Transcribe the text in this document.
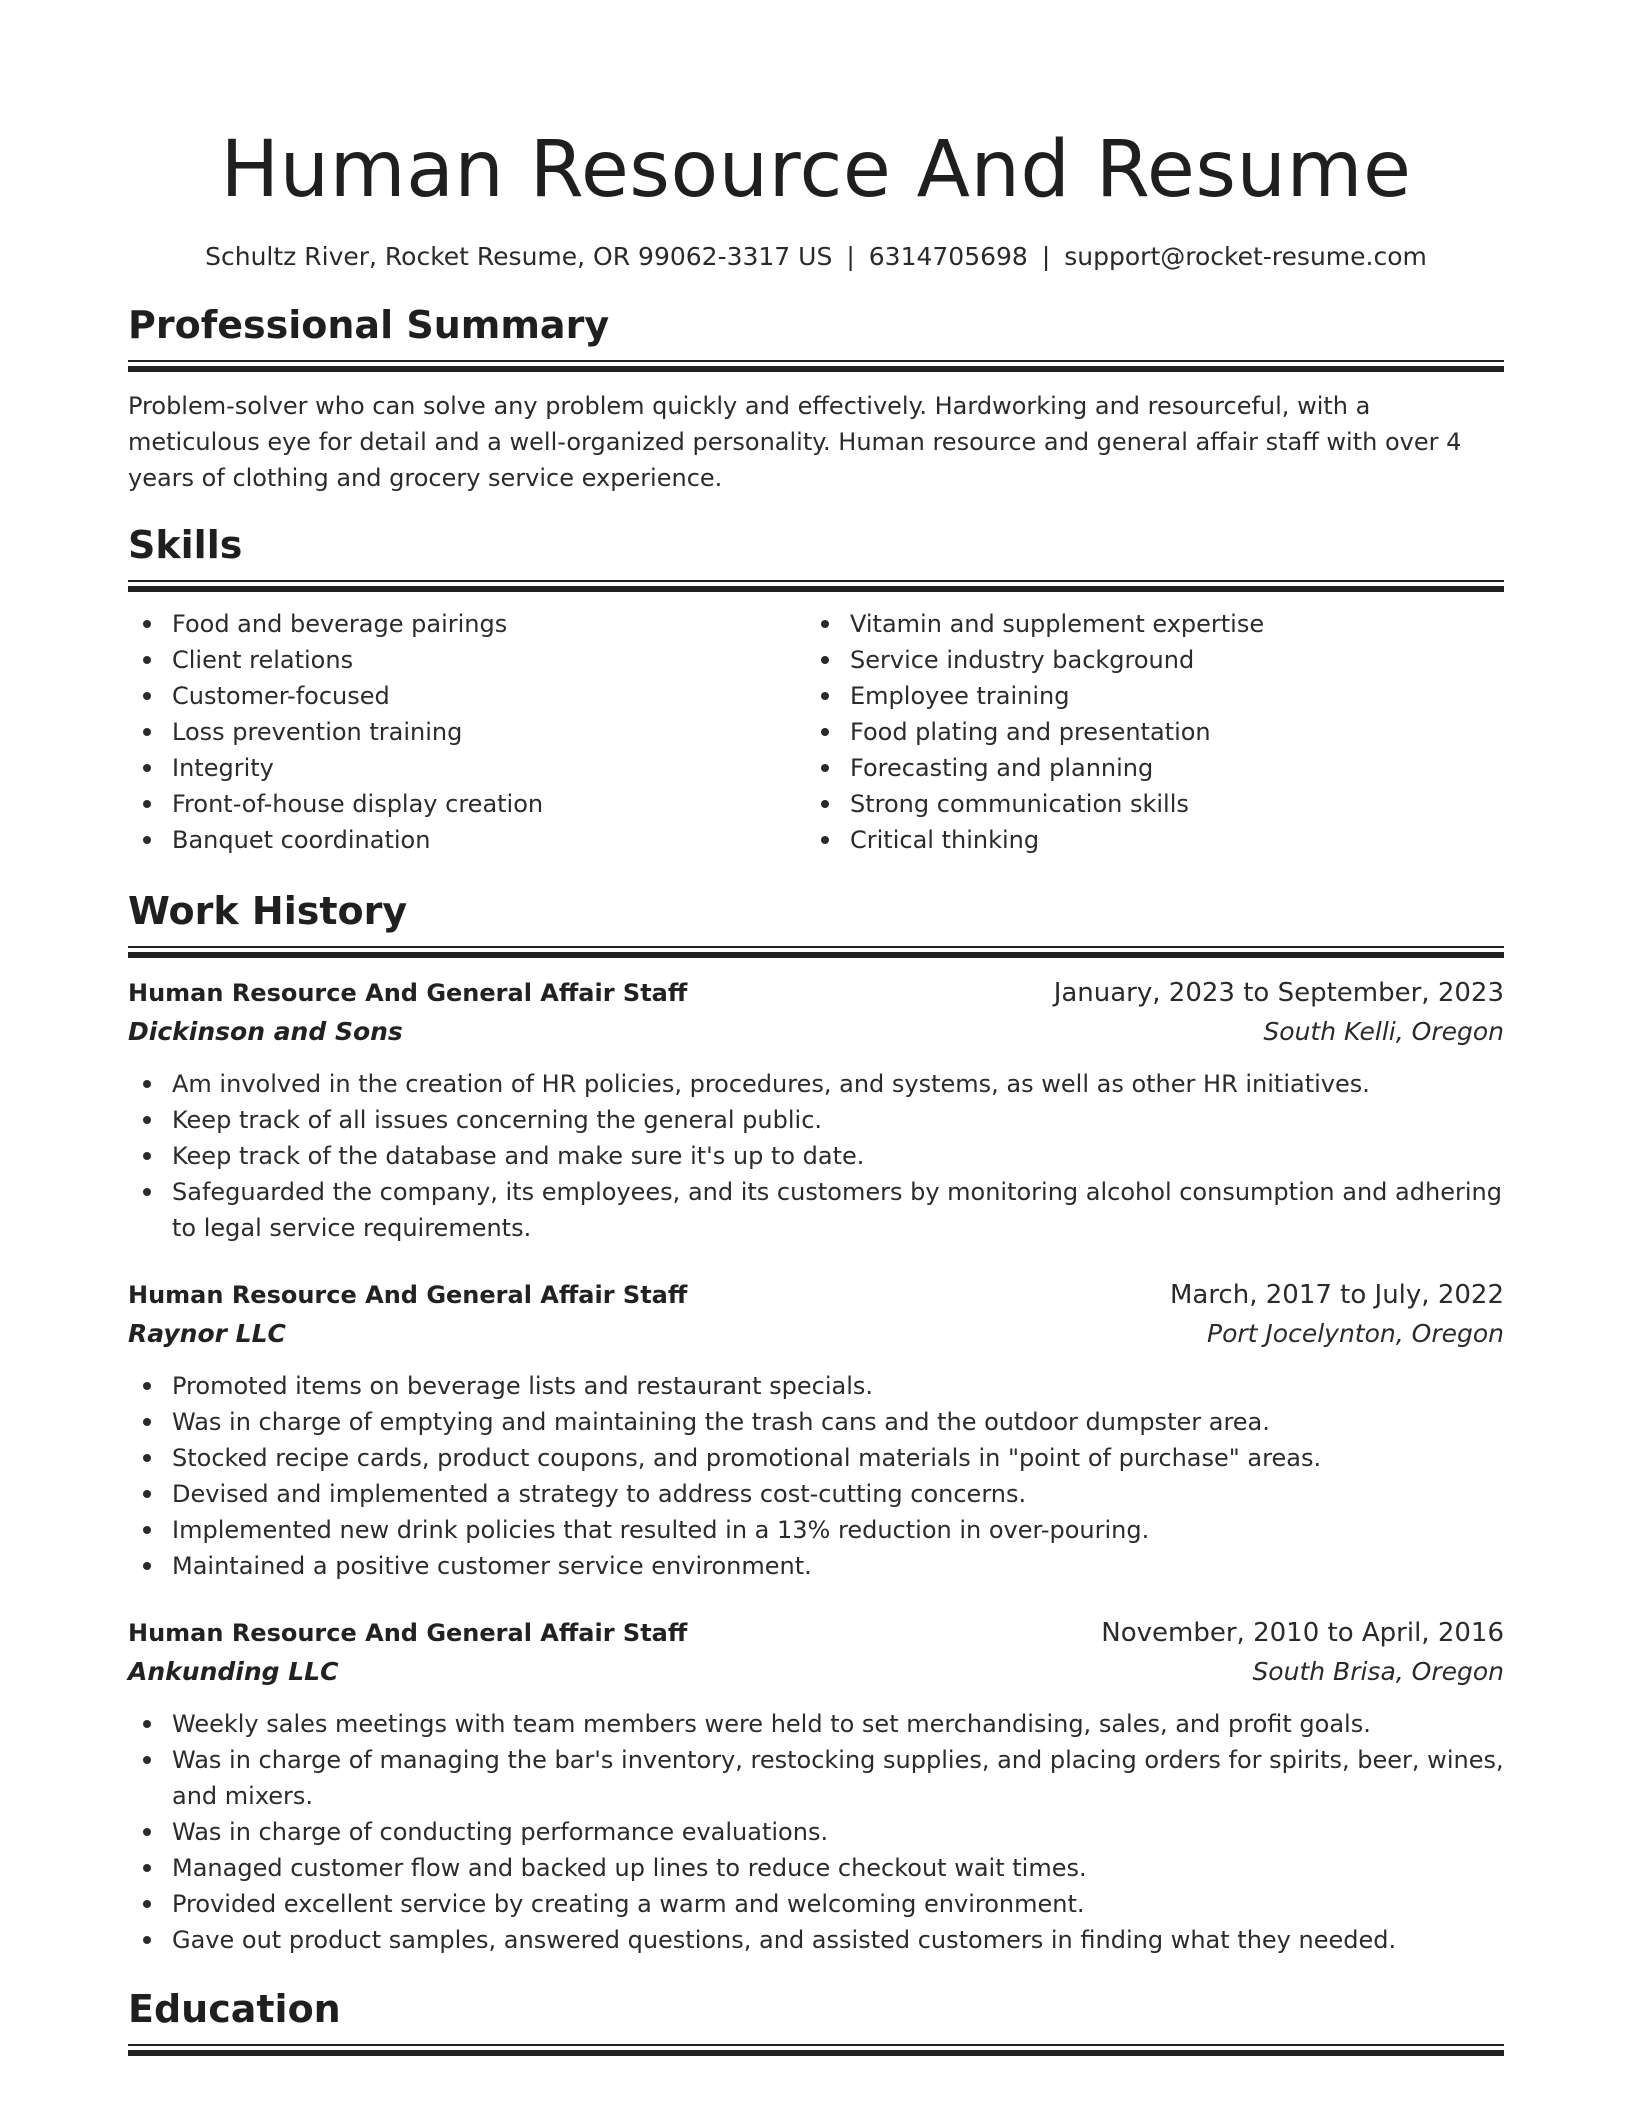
Human Resource And Resume
Schultz River, Rocket Resume, OR 99062-3317 US | 6314705698 | support@rocket-resume.com
Professional Summary

Problem-solver who can solve any problem quickly and effectively. Hardworking and resourceful, with a meticulous eye for detail and a well-organized personality. Human resource and general affair staff with over 4 years of clothing and grocery service experience.

Skills
Food and beverage pairings
Client relations
Customer-focused
Loss prevention training
Integrity
Front-of-house display creation
Banquet coordination
Vitamin and supplement expertise
Service industry background
Employee training
Food plating and presentation
Forecasting and planning
Strong communication skills
Critical thinking
Work History
Human Resource And General Affair Staff	January, 2023 to September, 2023
Dickinson and Sons	South Kelli, Oregon
Am involved in the creation of HR policies, procedures, and systems, as well as other HR initiatives.
Keep track of all issues concerning the general public.
Keep track of the database and make sure it's up to date.
Safeguarded the company, its employees, and its customers by monitoring alcohol consumption and adhering to legal service requirements.
Human Resource And General Affair Staff	March, 2017 to July, 2022
Raynor LLC	Port Jocelynton, Oregon
Promoted items on beverage lists and restaurant specials.
Was in charge of emptying and maintaining the trash cans and the outdoor dumpster area.
Stocked recipe cards, product coupons, and promotional materials in "point of purchase" areas.
Devised and implemented a strategy to address cost-cutting concerns.
Implemented new drink policies that resulted in a 13% reduction in over-pouring.
Maintained a positive customer service environment.
Human Resource And General Affair Staff	November, 2010 to April, 2016
Ankunding LLC	South Brisa, Oregon
Weekly sales meetings with team members were held to set merchandising, sales, and profit goals.
Was in charge of managing the bar's inventory, restocking supplies, and placing orders for spirits, beer, wines, and mixers.
Was in charge of conducting performance evaluations.
Managed customer flow and backed up lines to reduce checkout wait times.
Provided excellent service by creating a warm and welcoming environment.
Gave out product samples, answered questions, and assisted customers in finding what they needed.
Education
